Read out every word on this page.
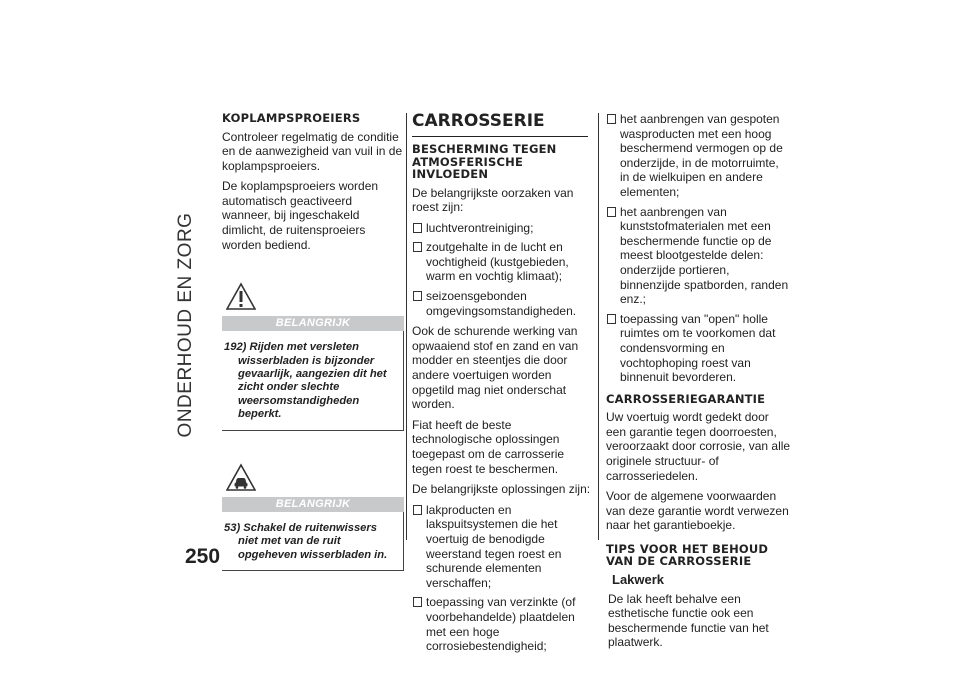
ONDERHOUD EN ZORG
250
KOPLAMPSPROEIERS

Controleer regelmatig de conditie en de aanwezigheid van vuil in de koplampsproeiers.

De koplampsproeiers worden automatisch geactiveerd wanneer, bij ingeschakeld dimlicht, de ruitensproeiers worden bediend.

BELANGRIJK
192) Rijden met versleten wisserbladen is bijzonder gevaarlijk, aangezien dit het zicht onder slechte weersomstandigheden beperkt.
BELANGRIJK
53) Schakel de ruitenwissers niet met van de ruit opgeheven wisserbladen in.
CARROSSERIE
BESCHERMING TEGEN ATMOSFERISCHE INVLOEDEN

De belangrijkste oorzaken van roest zijn:

luchtverontreiniging;
zoutgehalte in de lucht en vochtigheid (kustgebieden, warm en vochtig klimaat);
seizoensgebonden omgevingsomstandigheden.

Ook de schurende werking van opwaaiend stof en zand en van modder en steentjes die door andere voertuigen worden opgetild mag niet onderschat worden.

Fiat heeft de beste technologische oplossingen toegepast om de carrosserie tegen roest te beschermen.

De belangrijkste oplossingen zijn:

lakproducten en lakspuitsystemen die het voertuig de benodigde weerstand tegen roest en schurende elementen verschaffen;
toepassing van verzinkte (of voorbehandelde) plaatdelen met een hoge corrosiebestendigheid;
het aanbrengen van gespoten wasproducten met een hoog beschermend vermogen op de onderzijde, in de motorruimte, in de wielkuipen en andere elementen;
het aanbrengen van kunststofmaterialen met een beschermende functie op de meest blootgestelde delen: onderzijde portieren, binnenzijde spatborden, randen enz.;
toepassing van "open" holle ruimtes om te voorkomen dat condensvorming en vochtophoping roest van binnenuit bevorderen.
CARROSSERIEGARANTIE

Uw voertuig wordt gedekt door een garantie tegen doorroesten, veroorzaakt door corrosie, van alle originele structuur- of carrosseriedelen.

Voor de algemene voorwaarden van deze garantie wordt verwezen naar het garantieboekje.

TIPS VOOR HET BEHOUD VAN DE CARROSSERIE
Lakwerk

De lak heeft behalve een esthetische functie ook een beschermende functie van het plaatwerk.
